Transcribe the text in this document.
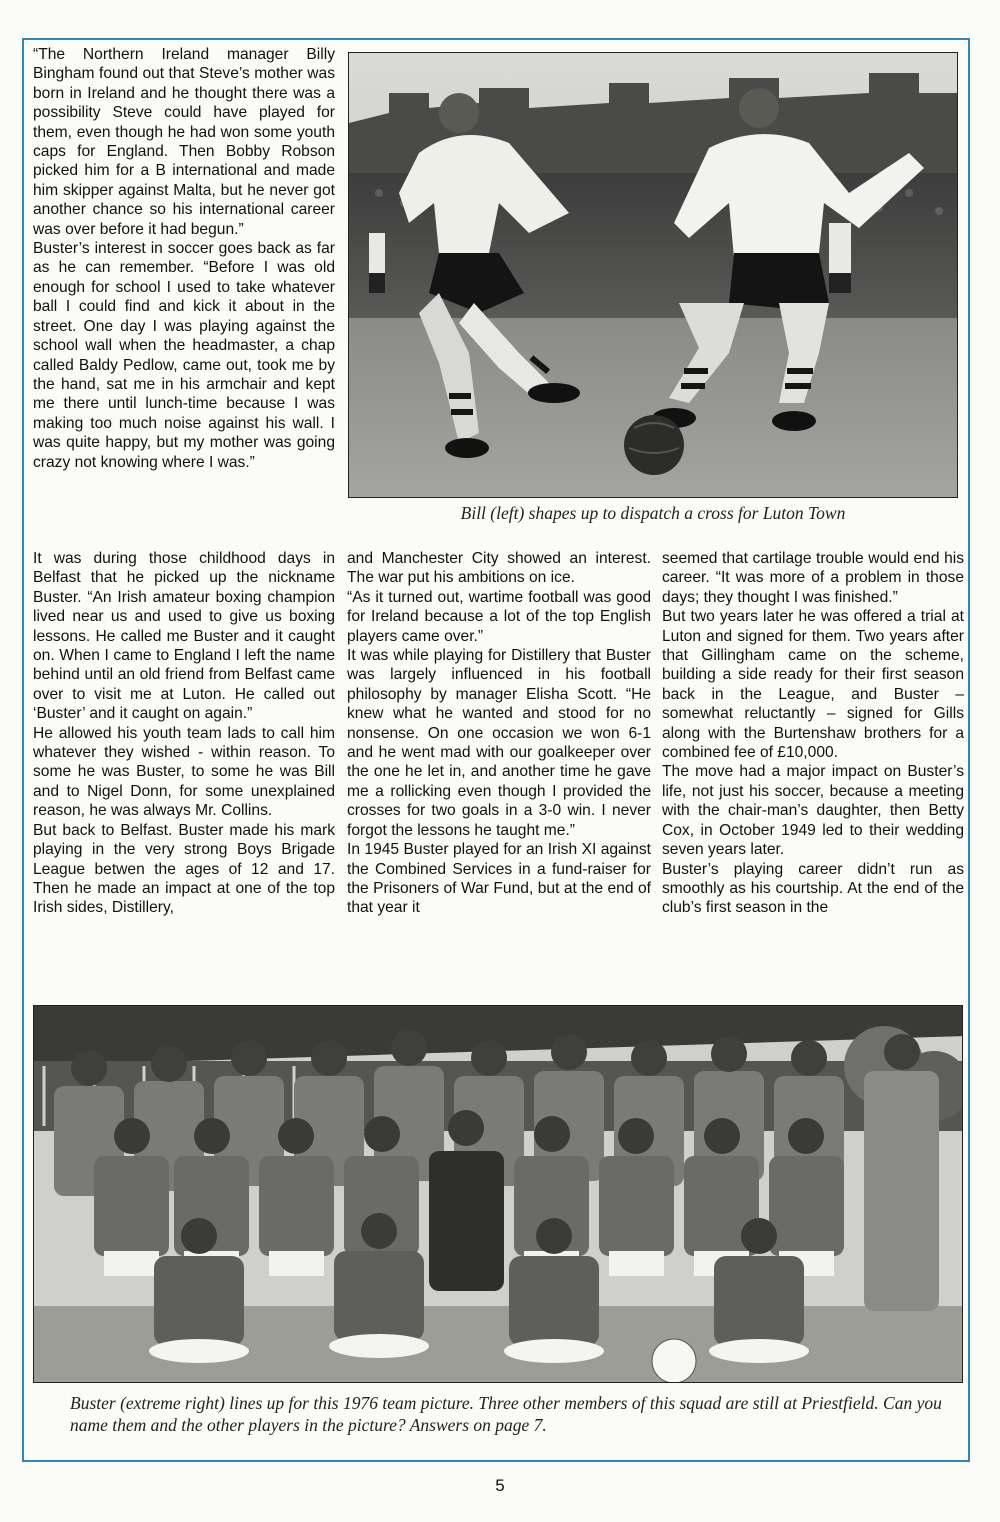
“The Northern Ireland manager Billy Bingham found out that Steve’s mother was born in Ireland and he thought there was a possibility Steve could have played for them, even though he had won some youth caps for England. Then Bobby Robson picked him for a B international and made him skipper against Malta, but he never got another chance so his international career was over before it had begun.”

Buster’s interest in soccer goes back as far as he can remember. “Before I was old enough for school I used to take whatever ball I could find and kick it about in the street. One day I was playing against the school wall when the headmaster, a chap called Baldy Pedlow, came out, took me by the hand, sat me in his armchair and kept me there until lunch-time because I was making too much noise against his wall. I was quite happy, but my mother was going crazy not knowing where I was.”

Bill (left) shapes up to dispatch a cross for Luton Town

It was during those childhood days in Belfast that he picked up the nickname Buster. “An Irish amateur boxing champion lived near us and used to give us boxing lessons. He called me Buster and it caught on. When I came to England I left the name behind until an old friend from Belfast came over to visit me at Luton. He called out ‘Buster’ and it caught on again.”

He allowed his youth team lads to call him whatever they wished - within reason. To some he was Buster, to some he was Bill and to Nigel Donn, for some unexplained reason, he was always Mr. Collins.

But back to Belfast. Buster made his mark playing in the very strong Boys Brigade League betwen the ages of 12 and 17. Then he made an impact at one of the top Irish sides, Distillery,

and Manchester City showed an interest. The war put his ambitions on ice.

“As it turned out, wartime football was good for Ireland because a lot of the top English players came over.”

It was while playing for Distillery that Buster was largely influenced in his football philosophy by manager Elisha Scott. “He knew what he wanted and stood for no nonsense. On one occasion we won 6-1 and he went mad with our goalkeeper over the one he let in, and another time he gave me a rollicking even though I provided the crosses for two goals in a 3-0 win. I never forgot the lessons he taught me.”

In 1945 Buster played for an Irish XI against the Combined Services in a fund-raiser for the Prisoners of War Fund, but at the end of that year it

seemed that cartilage trouble would end his career. “It was more of a problem in those days; they thought I was finished.”

But two years later he was offered a trial at Luton and signed for them. Two years after that Gillingham came on the scheme, building a side ready for their first season back in the League, and Buster – somewhat reluctantly – signed for Gills along with the Burtenshaw brothers for a combined fee of £10,000.

The move had a major impact on Buster’s life, not just his soccer, because a meeting with the chair-man’s daughter, then Betty Cox, in October 1949 led to their wedding seven years later.

Buster’s playing career didn’t run as smoothly as his courtship. At the end of the club’s first season in the

Buster (extreme right) lines up for this 1976 team picture. Three other members of this squad are still at Priestfield. Can you name them and the other players in the picture? Answers on page 7.
5
